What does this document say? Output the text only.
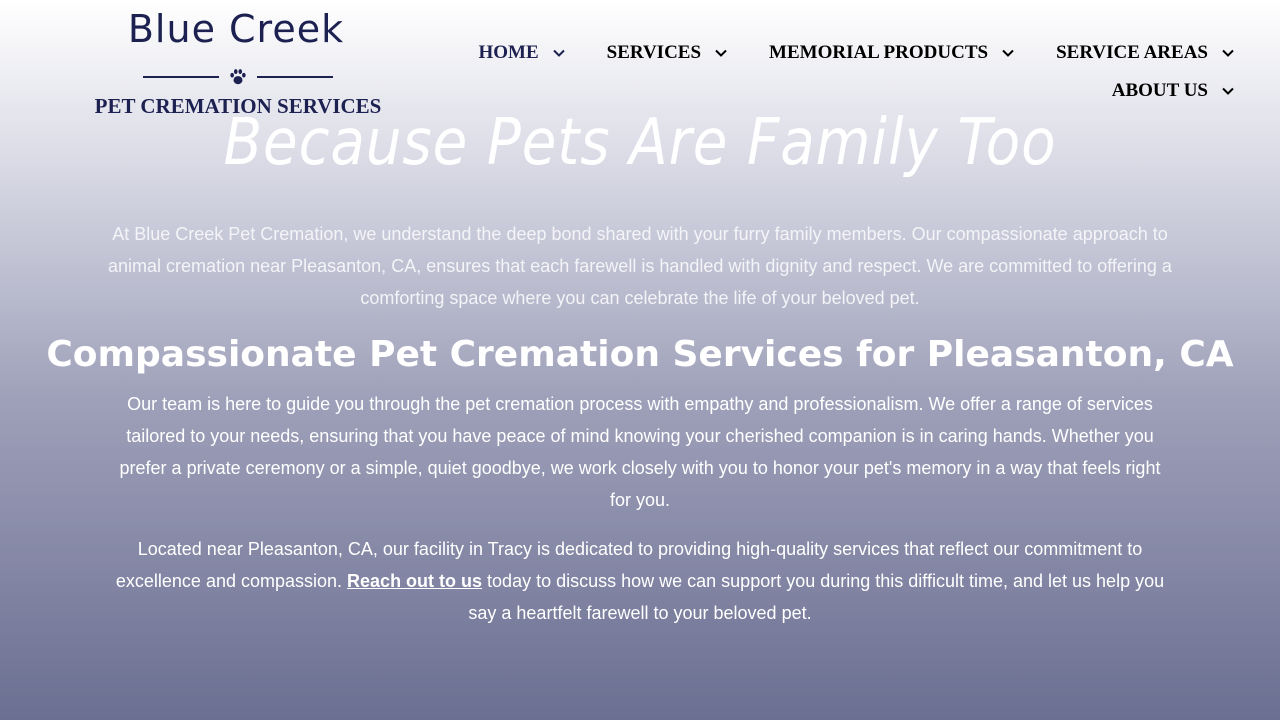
Blue Creek
PET CREMATION SERVICES
HOME	SERVICES	MEMORIAL PRODUCTS	SERVICE AREAS
ABOUT US
Because Pets Are Family Too

At Blue Creek Pet Cremation, we understand the deep bond shared with your furry family members. Our compassionate approach to animal cremation near Pleasanton, CA, ensures that each farewell is handled with dignity and respect. We are committed to offering a comforting space where you can celebrate the life of your beloved pet.

Compassionate Pet Cremation Services for Pleasanton, CA

Our team is here to guide you through the pet cremation process with empathy and professionalism. We offer a range of services tailored to your needs, ensuring that you have peace of mind knowing your cherished companion is in caring hands. Whether you prefer a private ceremony or a simple, quiet goodbye, we work closely with you to honor your pet's memory in a way that feels right for you.

Located near Pleasanton, CA, our facility in Tracy is dedicated to providing high-quality services that reflect our commitment to excellence and compassion. Reach out to us today to discuss how we can support you during this difficult time, and let us help you say a heartfelt farewell to your beloved pet.
